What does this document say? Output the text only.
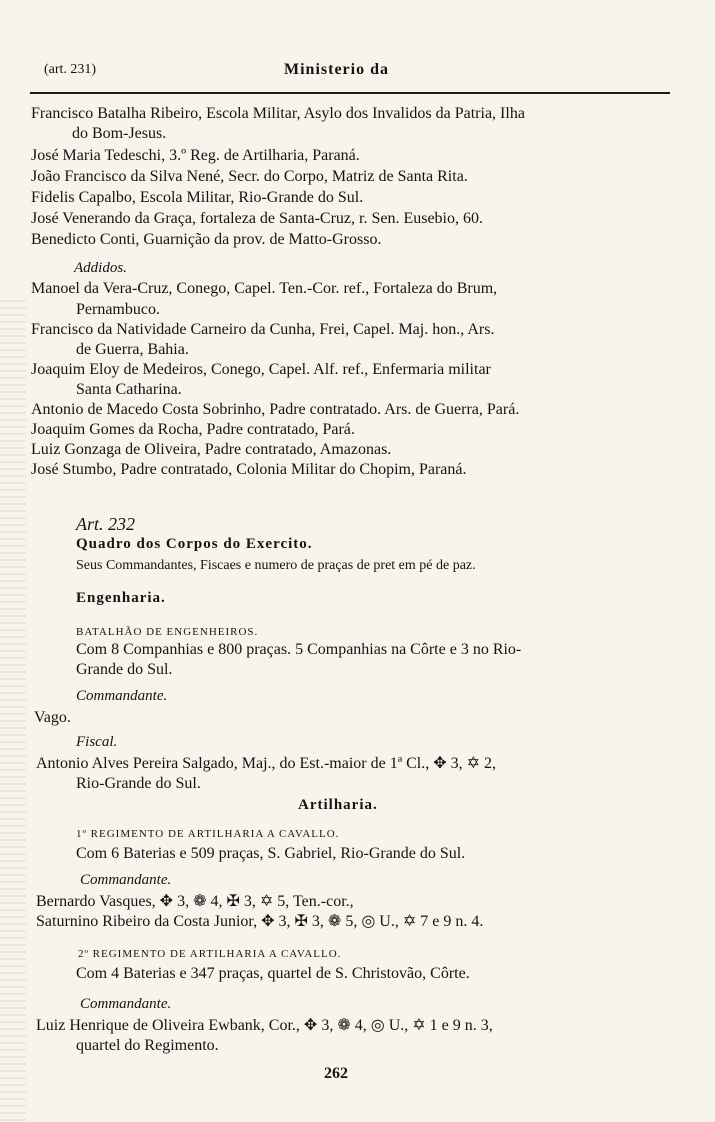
(art. 231)	Ministerio da
Francisco Batalha Ribeiro, Escola Militar, Asylo dos Invalidos da Patria, Ilha
do Bom-Jesus.
José Maria Tedeschi, 3.º Reg. de Artilharia, Paraná.
João Francisco da Silva Nené, Secr. do Corpo, Matriz de Santa Rita.
Fidelis Capalbo, Escola Militar, Rio-Grande do Sul.
José Venerando da Graça, fortaleza de Santa-Cruz, r. Sen. Eusebio, 60.
Benedicto Conti, Guarnição da prov. de Matto-Grosso.
Addidos.
Manoel da Vera-Cruz, Conego, Capel. Ten.-Cor. ref., Fortaleza do Brum,
Pernambuco.
Francisco da Natividade Carneiro da Cunha, Frei, Capel. Maj. hon., Ars.
de Guerra, Bahia.
Joaquim Eloy de Medeiros, Conego, Capel. Alf. ref., Enfermaria militar
Santa Catharina.
Antonio de Macedo Costa Sobrinho, Padre contratado. Ars. de Guerra, Pará.
Joaquim Gomes da Rocha, Padre contratado, Pará.
Luiz Gonzaga de Oliveira, Padre contratado, Amazonas.
José Stumbo, Padre contratado, Colonia Militar do Chopim, Paraná.
Art. 232
Quadro dos Corpos do Exercito.
Seus Commandantes, Fiscaes e numero de praças de pret em pé de paz.
Engenharia.
BATALHÃO DE ENGENHEIROS.
Com 8 Companhias e 800 praças. 5 Companhias na Côrte e 3 no Rio-
Grande do Sul.
Commandante.
Vago.
Fiscal.
Antonio Alves Pereira Salgado, Maj., do Est.-maior de 1ª Cl., ✥ 3, ✡ 2,
Rio-Grande do Sul.
Artilharia.
1º REGIMENTO DE ARTILHARIA A CAVALLO.
Com 6 Baterias e 509 praças, S. Gabriel, Rio-Grande do Sul.
Commandante.
Bernardo Vasques, ✥ 3, ❁ 4, ✠ 3, ✡ 5, Ten.-cor.,
Saturnino Ribeiro da Costa Junior, ✥ 3, ✠ 3, ❁ 5, ◎ U., ✡ 7 e 9 n. 4.
2º REGIMENTO DE ARTILHARIA A CAVALLO.
Com 4 Baterias e 347 praças, quartel de S. Christovão, Côrte.
Commandante.
Luiz Henrique de Oliveira Ewbank, Cor., ✥ 3, ❁ 4, ◎ U., ✡ 1 e 9 n. 3,
quartel do Regimento.
262
